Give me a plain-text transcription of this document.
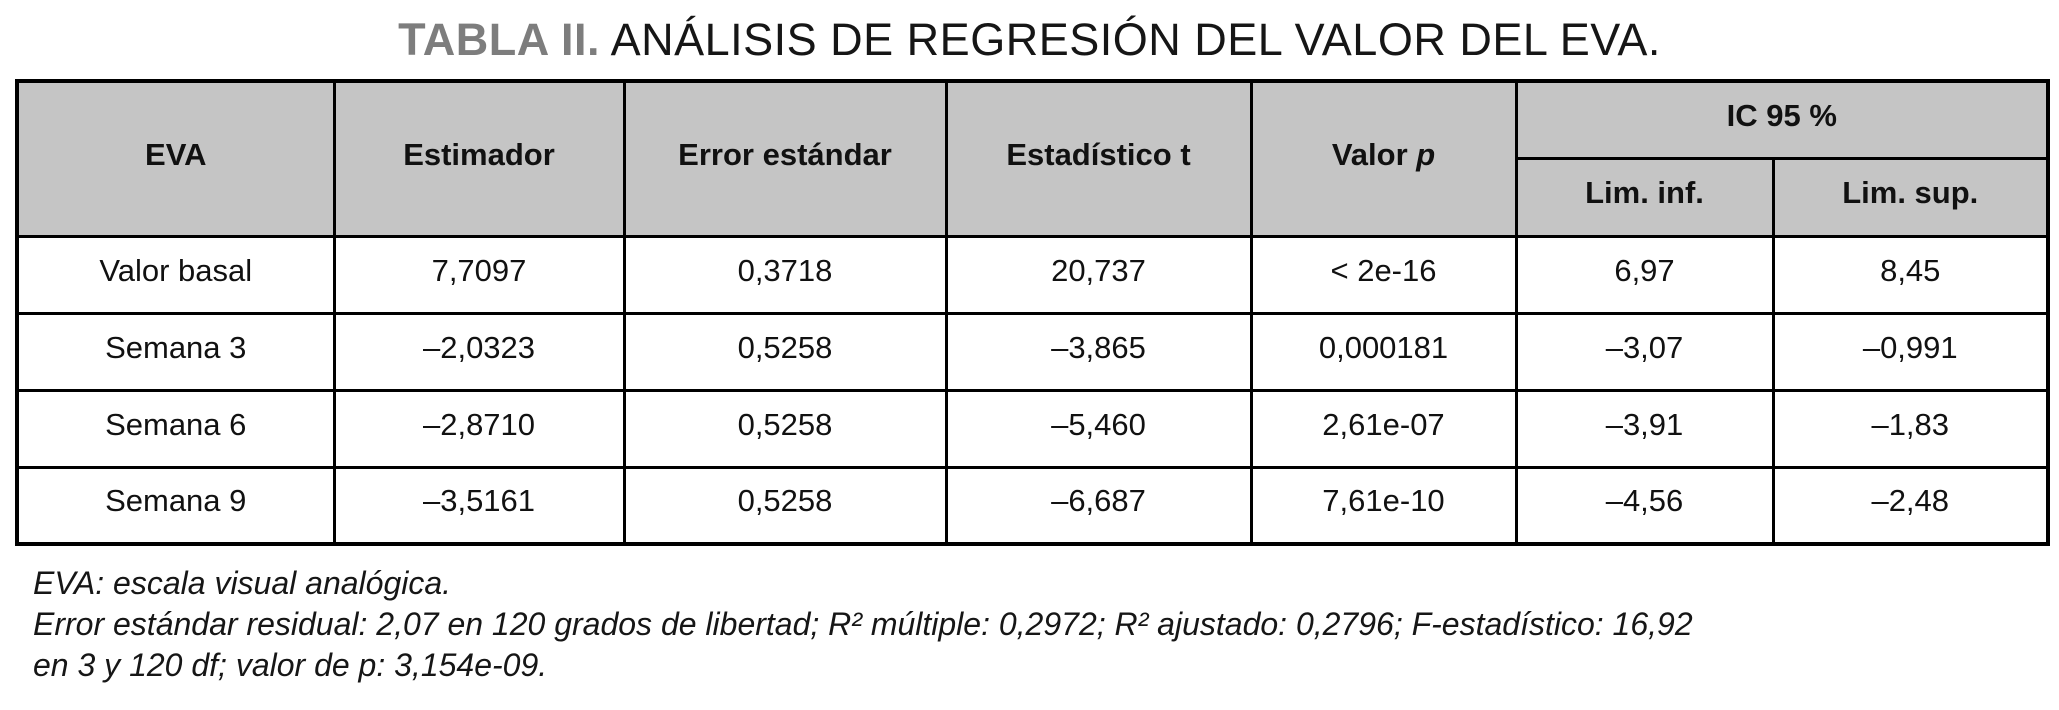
TABLA II. ANÁLISIS DE REGRESIÓN DEL VALOR DEL EVA.
EVA	Estimador	Error estándar	Estadístico t	Valor p	IC 95 %	
					Lim. inf.	Lim. sup.
Valor basal	7,7097	0,3718	20,737	< 2e-16	6,97	8,45
Semana 3	–2,0323	0,5258	–3,865	0,000181	–3,07	–0,991
Semana 6	–2,8710	0,5258	–5,460	2,61e-07	–3,91	–1,83
Semana 9	–3,5161	0,5258	–6,687	7,61e-10	–4,56	–2,48

EVA: escala visual analógica.

Error estándar residual: 2,07 en 120 grados de libertad; R² múltiple: 0,2972; R² ajustado: 0,2796; F-estadístico: 16,92

en 3 y 120 df; valor de p: 3,154e-09.
